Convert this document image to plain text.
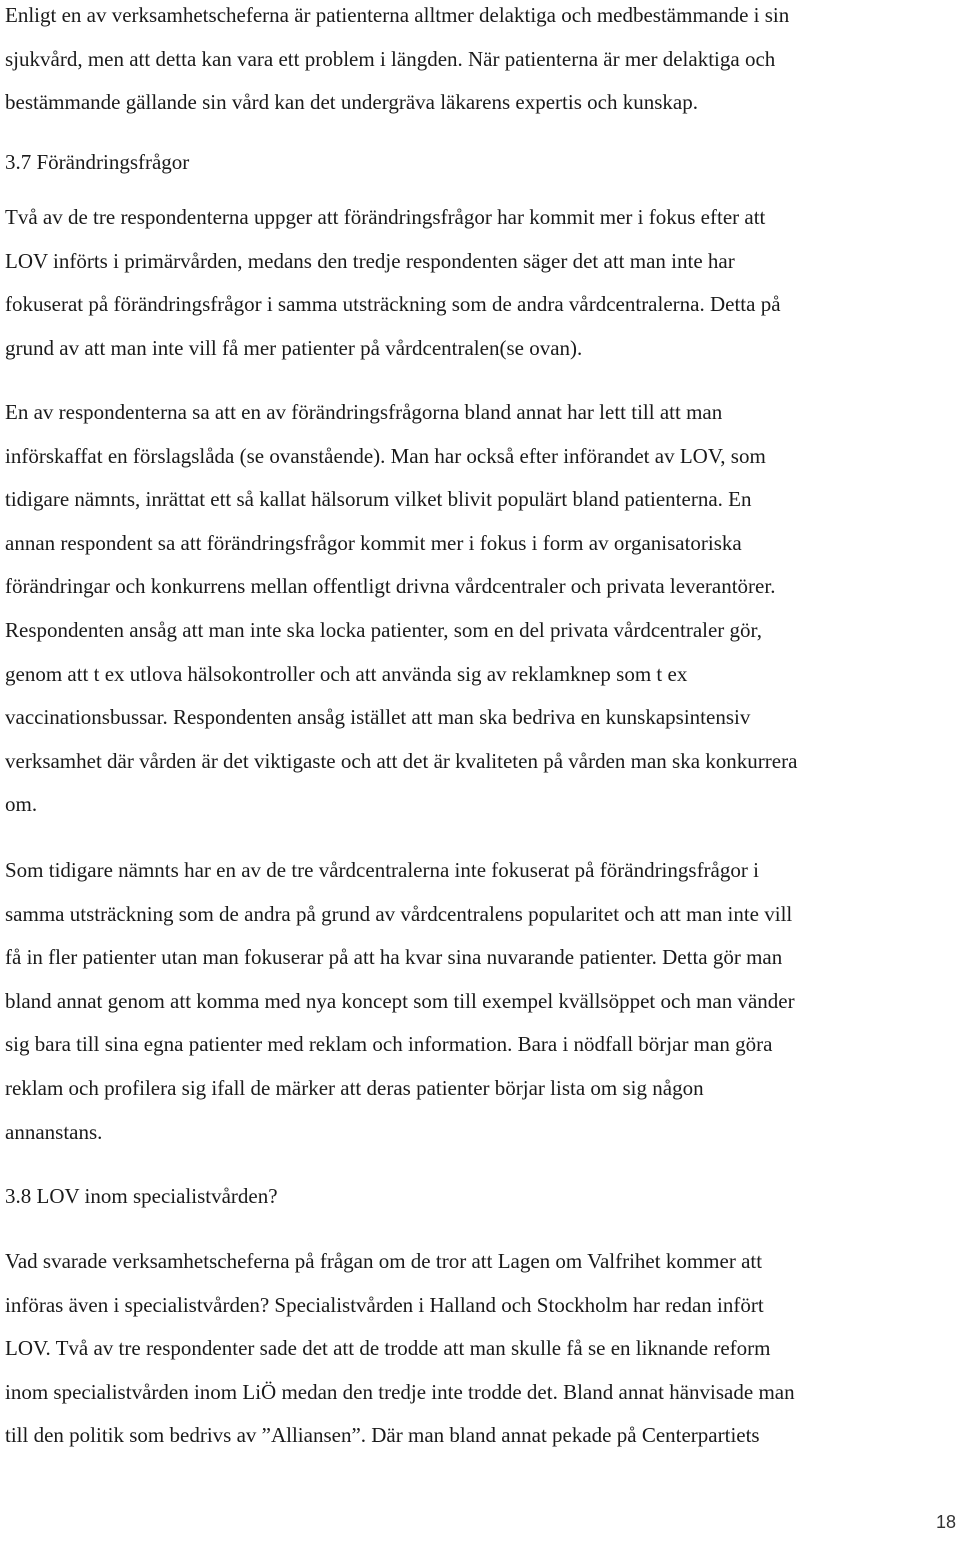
Enligt en av verksamhetscheferna är patienterna alltmer delaktiga och medbestämmande i sin
sjukvård, men att detta kan vara ett problem i längden. När patienterna är mer delaktiga och
bestämmande gällande sin vård kan det undergräva läkarens expertis och kunskap.

3.7 Förändringsfrågor

Två av de tre respondenterna uppger att förändringsfrågor har kommit mer i fokus efter att
LOV införts i primärvården, medans den tredje respondenten säger det att man inte har
fokuserat på förändringsfrågor i samma utsträckning som de andra vårdcentralerna. Detta på
grund av att man inte vill få mer patienter på vårdcentralen(se ovan).

En av respondenterna sa att en av förändringsfrågorna bland annat har lett till att man
införskaffat en förslagslåda (se ovanstående). Man har också efter införandet av LOV, som
tidigare nämnts, inrättat ett så kallat hälsorum vilket blivit populärt bland patienterna. En
annan respondent sa att förändringsfrågor kommit mer i fokus i form av organisatoriska
förändringar och konkurrens mellan offentligt drivna vårdcentraler och privata leverantörer.
Respondenten ansåg att man inte ska locka patienter, som en del privata vårdcentraler gör,
genom att t ex utlova hälsokontroller och att använda sig av reklamknep som t ex
vaccinationsbussar. Respondenten ansåg istället att man ska bedriva en kunskapsintensiv
verksamhet där vården är det viktigaste och att det är kvaliteten på vården man ska konkurrera
om.

Som tidigare nämnts har en av de tre vårdcentralerna inte fokuserat på förändringsfrågor i
samma utsträckning som de andra på grund av vårdcentralens popularitet och att man inte vill
få in fler patienter utan man fokuserar på att ha kvar sina nuvarande patienter. Detta gör man
bland annat genom att komma med nya koncept som till exempel kvällsöppet och man vänder
sig bara till sina egna patienter med reklam och information. Bara i nödfall börjar man göra
reklam och profilera sig ifall de märker att deras patienter börjar lista om sig någon
annanstans.

3.8 LOV inom specialistvården?

Vad svarade verksamhetscheferna på frågan om de tror att Lagen om Valfrihet kommer att
införas även i specialistvården? Specialistvården i Halland och Stockholm har redan infört
LOV. Två av tre respondenter sade det att de trodde att man skulle få se en liknande reform
inom specialistvården inom LiÖ medan den tredje inte trodde det. Bland annat hänvisade man
till den politik som bedrivs av ”Alliansen”. Där man bland annat pekade på Centerpartiets

18
